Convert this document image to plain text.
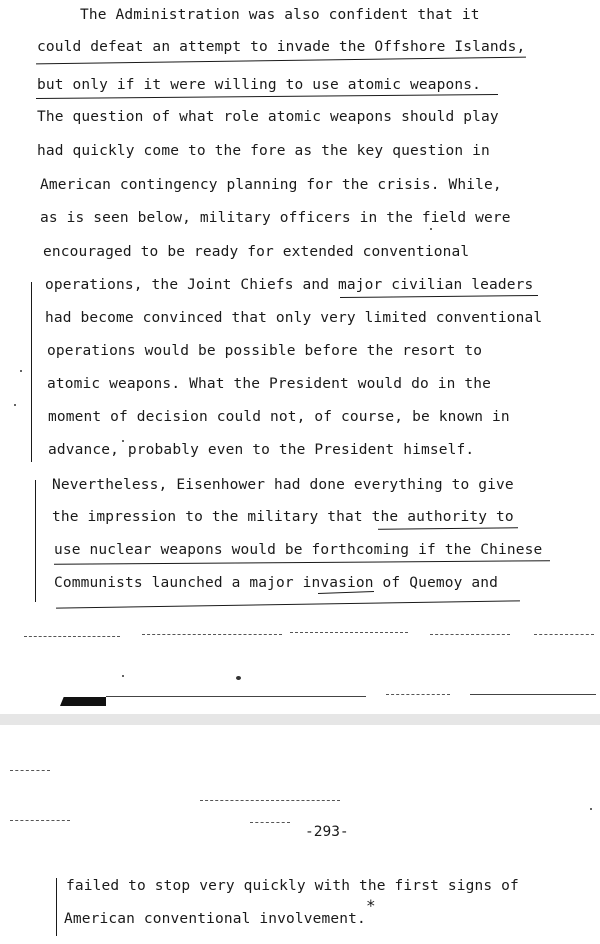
The Administration was also confident that it
could defeat an attempt to invade the Offshore Islands,
but only if it were willing to use atomic weapons.
The question of what role atomic weapons should play
had quickly come to the fore as the key question in
American contingency planning for the crisis. While,
as is seen below, military officers in the field were
encouraged to be ready for extended conventional
operations, the Joint Chiefs and major civilian leaders
had become convinced that only very limited conventional
operations would be possible before the resort to
atomic weapons. What the President would do in the
moment of decision could not, of course, be known in
advance, probably even to the President himself.
Nevertheless, Eisenhower had done everything to give
the impression to the military that the authority to
use nuclear weapons would be forthcoming if the Chinese
Communists launched a major invasion of Quemoy and
-293-
failed to stop very quickly with the first signs of
American conventional involvement.
*
